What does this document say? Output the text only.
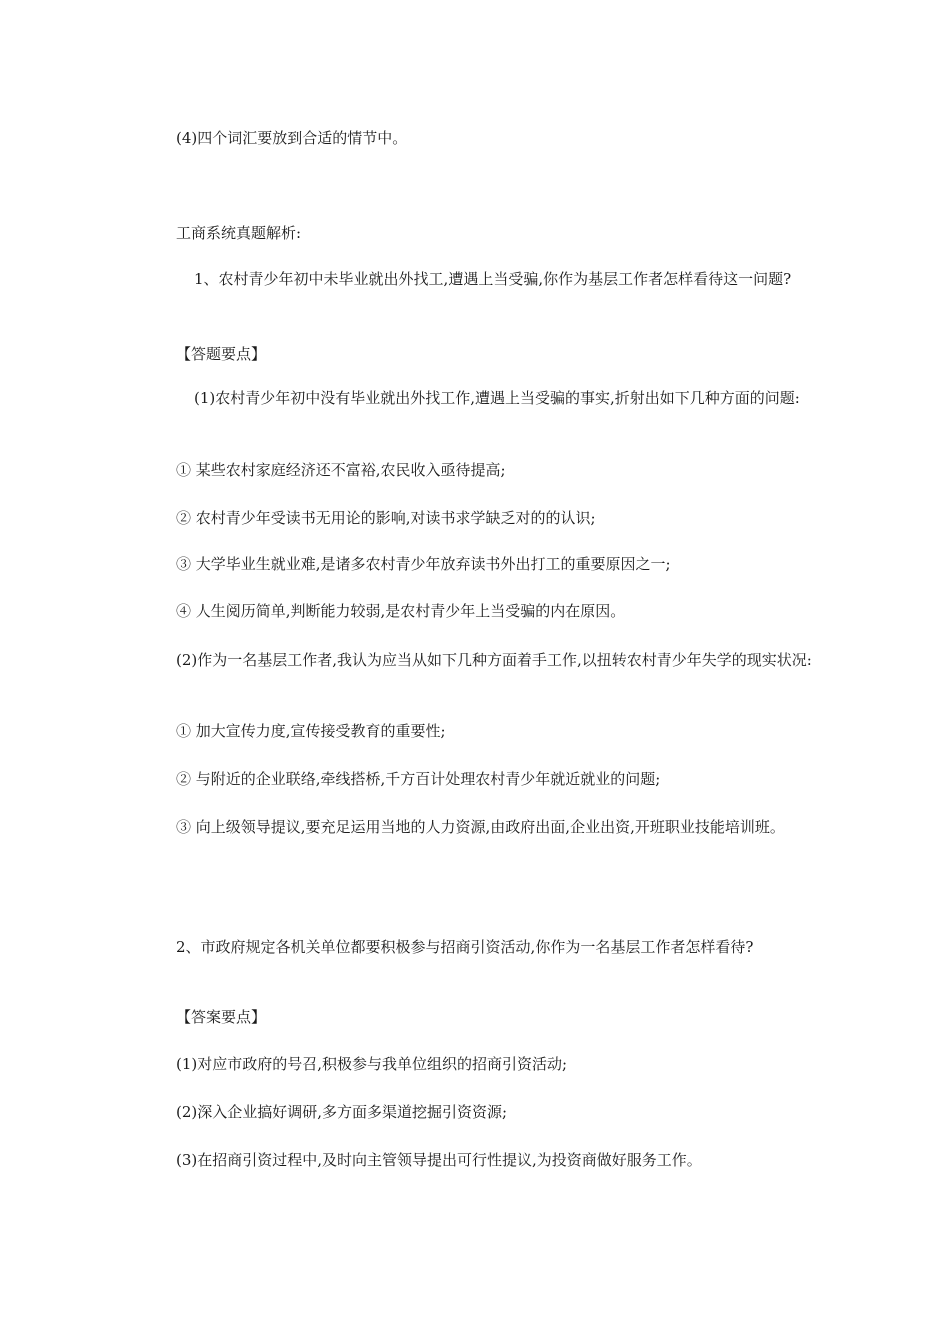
(4)四个词汇要放到合适的情节中。

工商系统真题解析:

1、农村青少年初中未毕业就出外找工,遭遇上当受骗,你作为基层工作者怎样看待这一问题?

【答题要点】

(1)农村青少年初中没有毕业就出外找工作,遭遇上当受骗的事实,折射出如下几种方面的问题:

① 某些农村家庭经济还不富裕,农民收入亟待提高;

② 农村青少年受读书无用论的影响,对读书求学缺乏对的的认识;

③ 大学毕业生就业难,是诸多农村青少年放弃读书外出打工的重要原因之一;

④ 人生阅历简单,判断能力较弱,是农村青少年上当受骗的内在原因。

(2)作为一名基层工作者,我认为应当从如下几种方面着手工作,以扭转农村青少年失学的现实状况:

① 加大宣传力度,宣传接受教育的重要性;

② 与附近的企业联络,牵线搭桥,千方百计处理农村青少年就近就业的问题;

③ 向上级领导提议,要充足运用当地的人力资源,由政府出面,企业出资,开班职业技能培训班。

2、市政府规定各机关单位都要积极参与招商引资活动,你作为一名基层工作者怎样看待?

【答案要点】

(1)对应市政府的号召,积极参与我单位组织的招商引资活动;

(2)深入企业搞好调研,多方面多渠道挖掘引资资源;

(3)在招商引资过程中,及时向主管领导提出可行性提议,为投资商做好服务工作。
